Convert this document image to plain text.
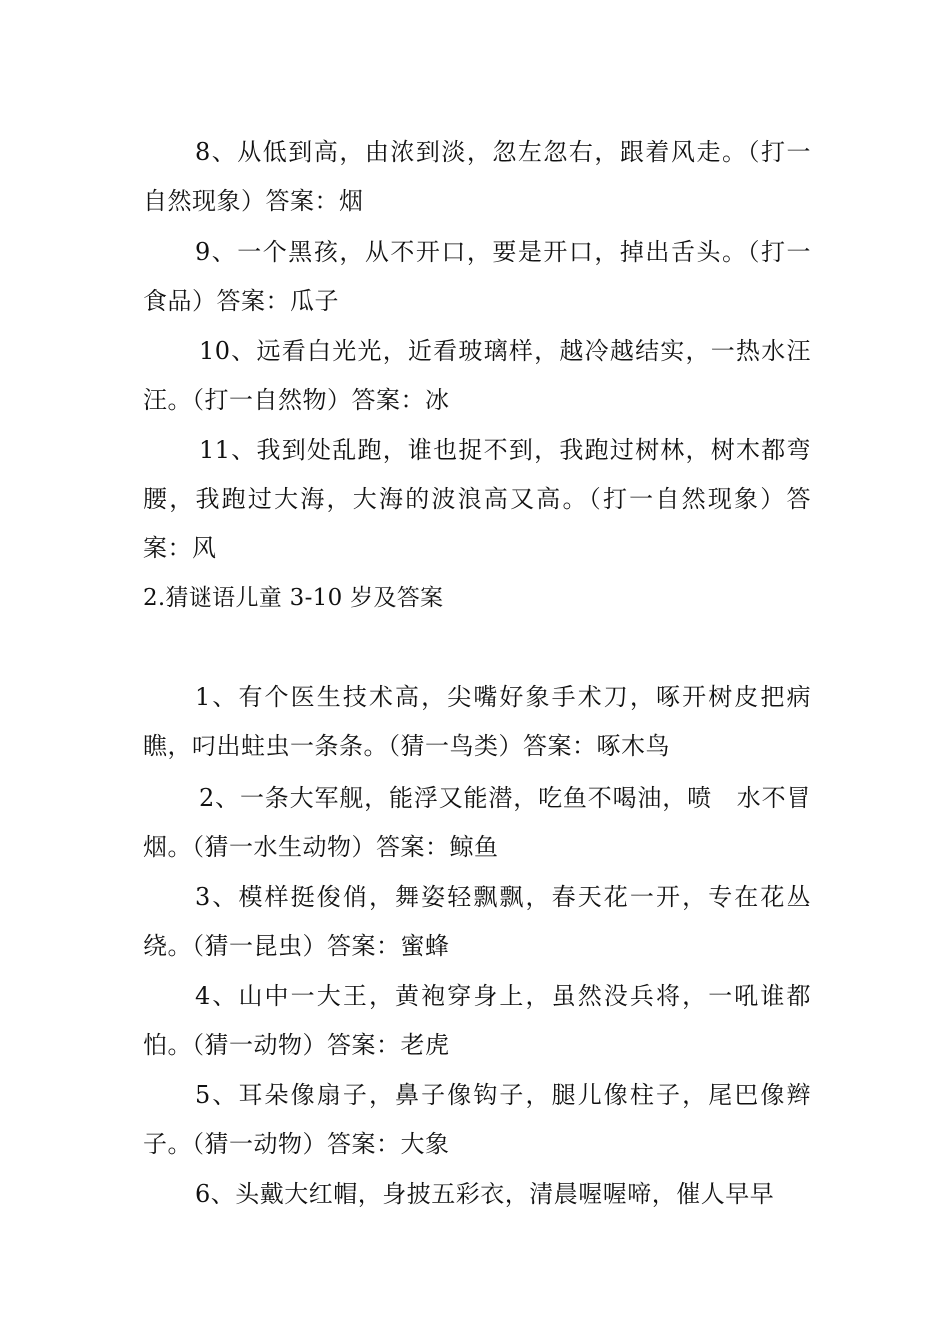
8、从低到高，由浓到淡，忽左忽右，跟着风走。（打一自然现象）答案：烟

9、一个黑孩，从不开口，要是开口，掉出舌头。（打一食品）答案：瓜子

10、远看白光光，近看玻璃样，越冷越结实，一热水汪汪。（打一自然物）答案：冰

11、我到处乱跑，谁也捉不到，我跑过树林，树木都弯腰，我跑过大海，大海的波浪高又高。（打一自然现象）答案：风

2.猜谜语儿童 3-10 岁及答案

1、有个医生技术高，尖嘴好象手术刀，啄开树皮把病瞧，叼出蛀虫一条条。（猜一鸟类）答案：啄木鸟

2、一条大军舰，能浮又能潜，吃鱼不喝油，喷　水不冒烟。（猜一水生动物）答案：鲸鱼

3、模样挺俊俏，舞姿轻飘飘，春天花一开，专在花丛绕。（猜一昆虫）答案：蜜蜂

4、山中一大王，黄袍穿身上，虽然没兵将，一吼谁都怕。（猜一动物）答案：老虎

5、耳朵像扇子，鼻子像钩子，腿儿像柱子，尾巴像辫子。（猜一动物）答案：大象

6、头戴大红帽，身披五彩衣，清晨喔喔啼，催人早早
